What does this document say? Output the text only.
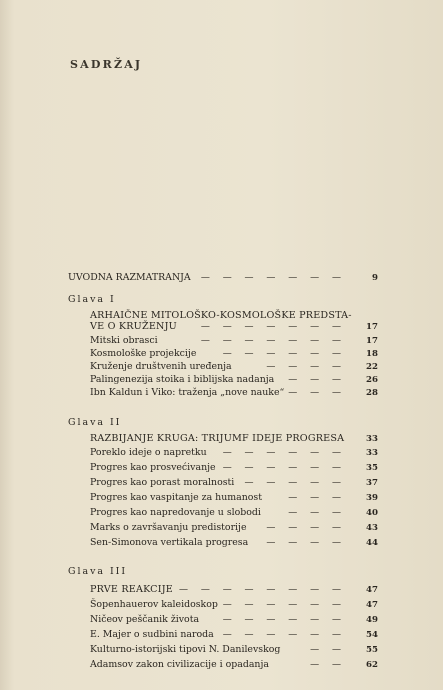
SADRŽAJ
UVODNA RAZMATRANJA — — — — — — —	9
Glava I
ARHAIČNE MITOLOŠKO-KOSMOLOŠKE PREDSTA-
VE O KRUŽENJU	— — — — — — —	17
Mitski obrasci	— — — — — — —	17
Kosmološke projekcije	— — — — — —	18
Kruženje društvenih uređenja	— — — —	22
Palingenezija stoika i biblijska nadanja — — —	26
Ibn Kaldun i Viko: traženja „nove nauke“ — — —	28
Glava II
RAZBIJANJE KRUGA: TRIJUMF IDEJE PROGRESA	33
Poreklo ideje o napretku — — — — — —	33
Progres kao prosvećivanje — — — — — —	35
Progres kao porast moralnosti — — — — —	37
Progres kao vaspitanje za humanost	— — —	39
Progres kao napredovanje u slobodi	— — —	40
Marks o završavanju predistorije — — — —	43
Sen-Simonova vertikala progresa — — — —	44
Glava III
PRVE REAKCIJE — — — — — — — —	47
Šopenhauerov kaleidoskop — — — — — —	47
Ničeov peščanik života	— — — — — —	49
E. Majer o sudbini naroda — — — — — —	54
Kulturno-istorijski tipovi N. Danilevskog	— —	55
Adamsov zakon civilizacije i opadanja	— —	62
